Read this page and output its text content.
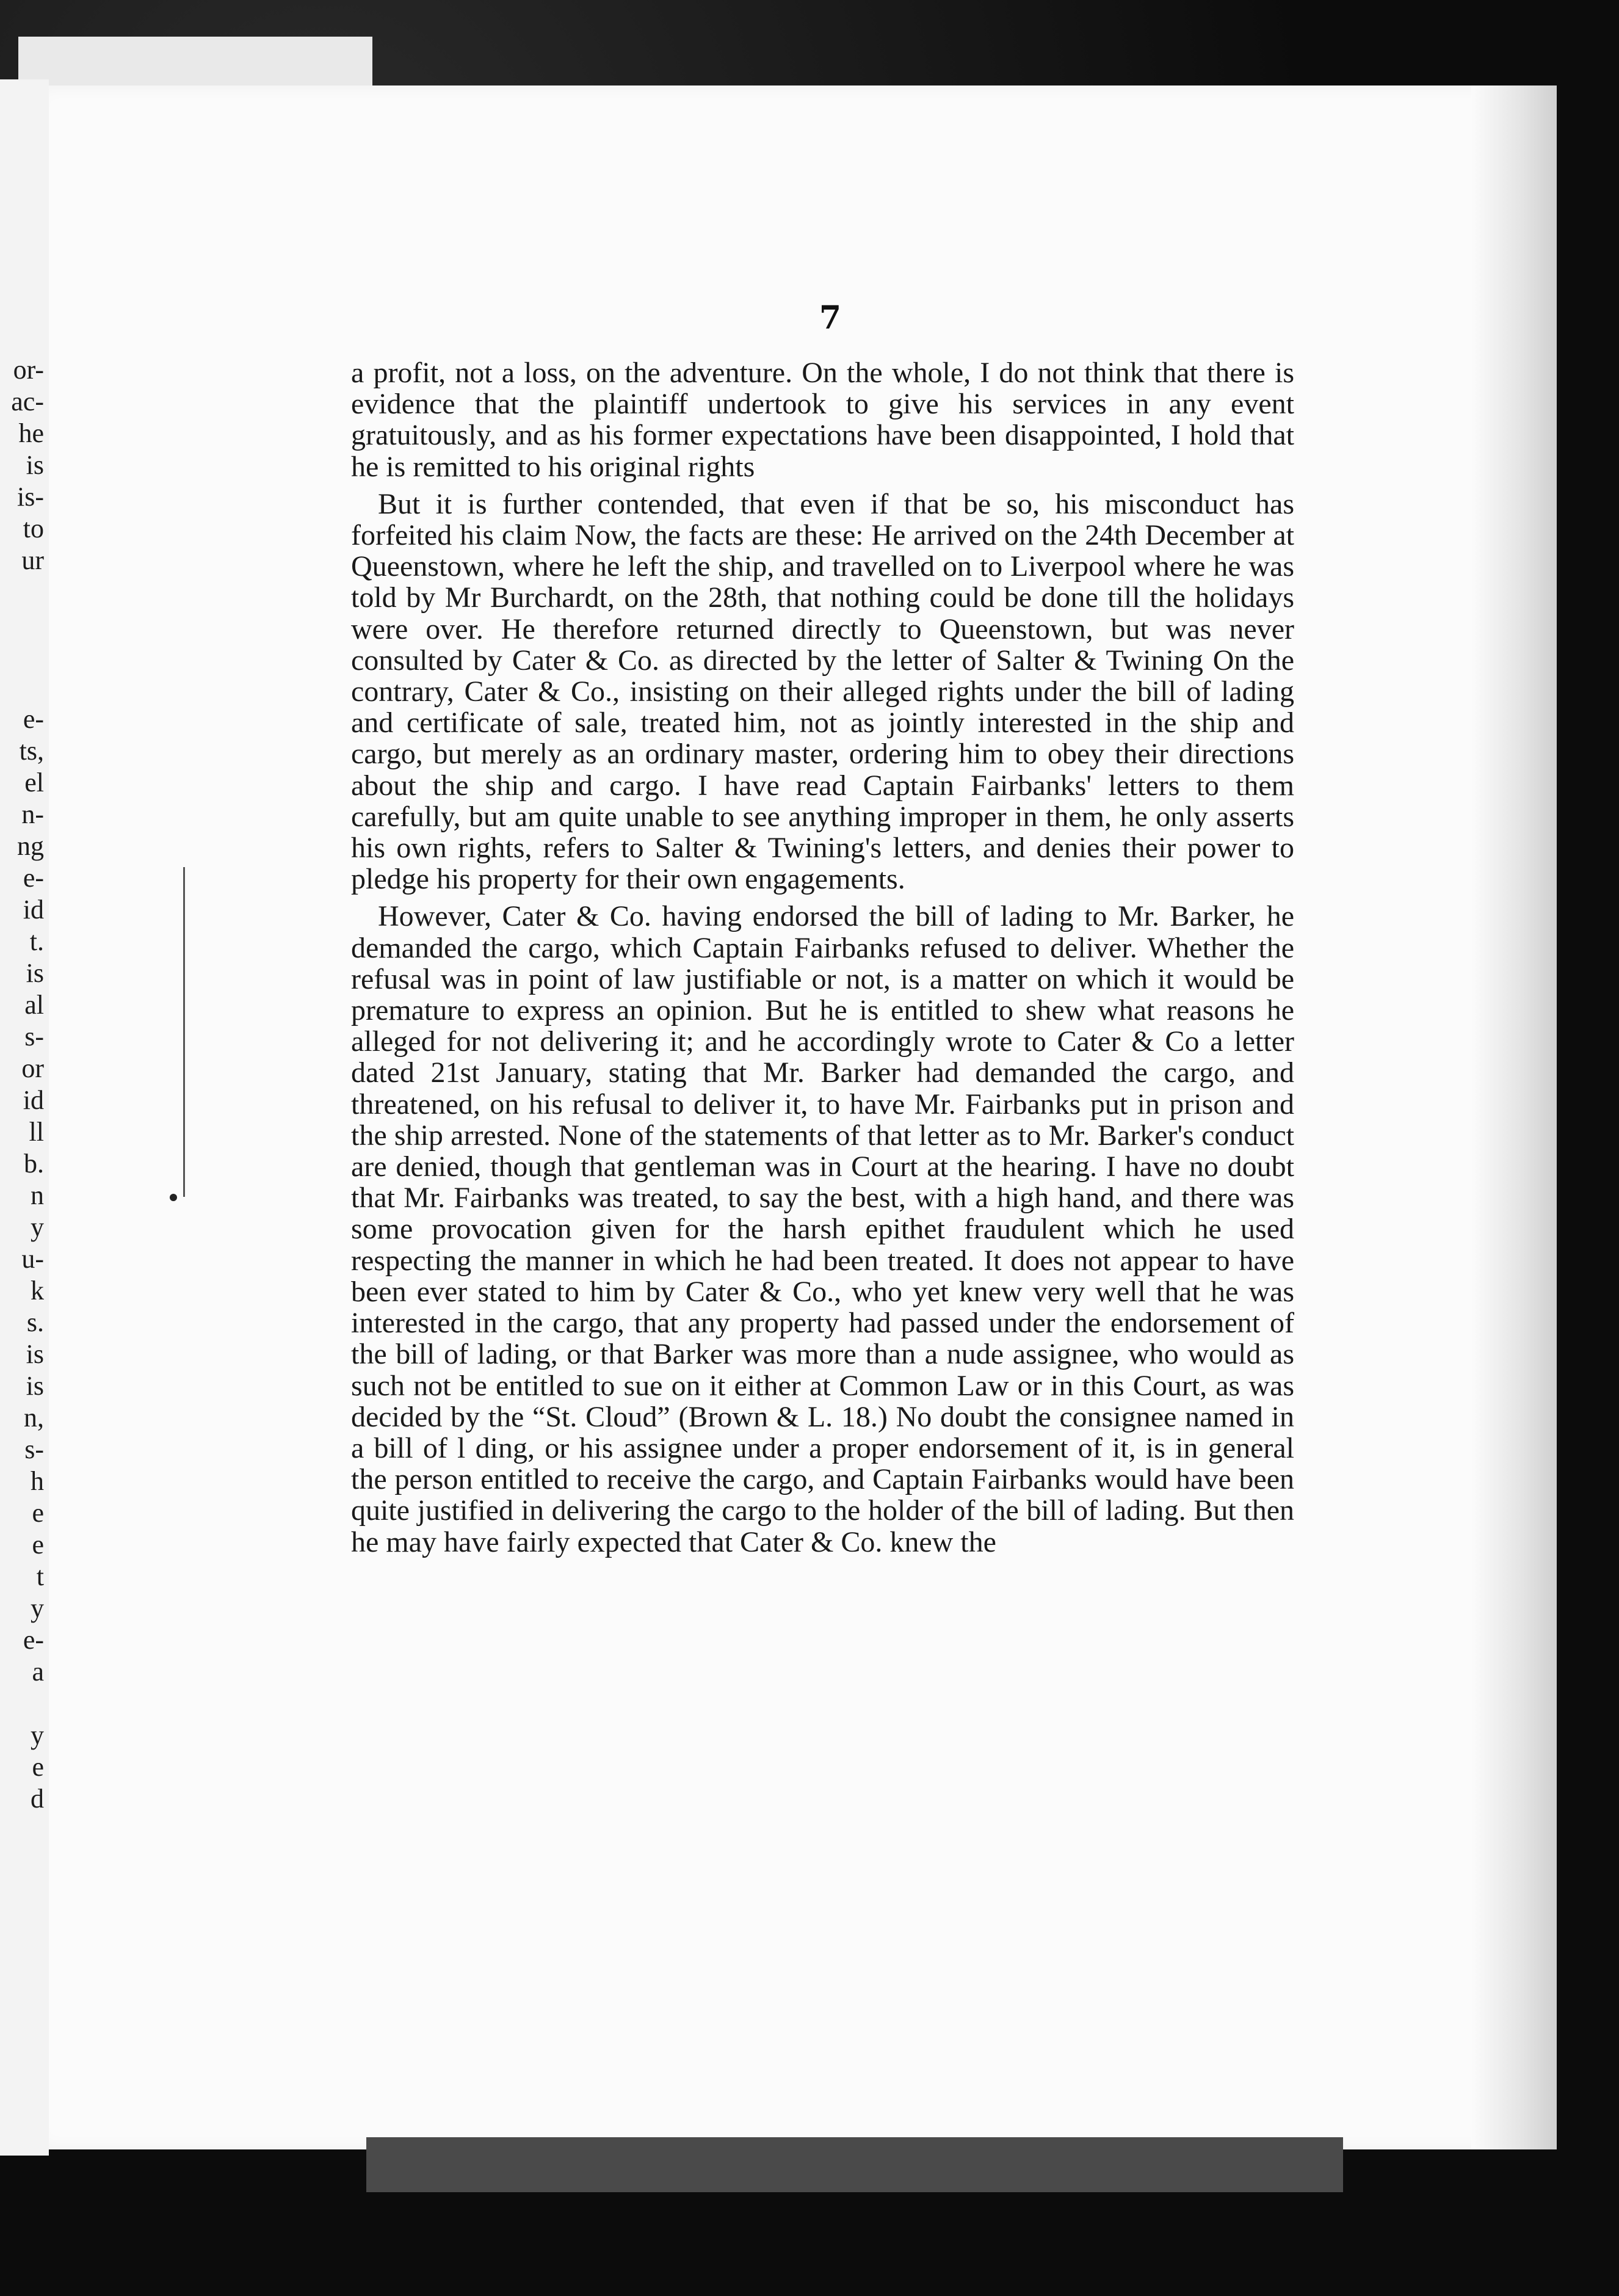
or-
ac-
he
is
is-
to
ur
e-
ts,
el
n-
ng
e-
id
t.
is
al
s-
or
id
ll
b.
n
y
u-
k
s.
is
is
n,
s-
h
e
e
t
y
e-
a
y
e
d
7

a profit, not a loss, on the adventure. On the whole, I do not think that there is evidence that the plaintiff undertook to give his services in any event gratuitously, and as his former expectations have been disappointed, I hold that he is remitted to his original rights

But it is further contended, that even if that be so, his misconduct has forfeited his claim Now, the facts are these: He arrived on the 24th December at Queenstown, where he left the ship, and travelled on to Liverpool where he was told by Mr Burchardt, on the 28th, that nothing could be done till the holidays were over. He therefore returned directly to Queenstown, but was never consulted by Cater & Co. as directed by the letter of Salter & Twining On the contrary, Cater & Co., insisting on their alleged rights under the bill of lading and certificate of sale, treated him, not as jointly interested in the ship and cargo, but merely as an ordinary master, ordering him to obey their directions about the ship and cargo. I have read Captain Fairbanks' letters to them carefully, but am quite unable to see anything improper in them, he only asserts his own rights, refers to Salter & Twining's letters, and denies their power to pledge his property for their own engagements.

However, Cater & Co. having endorsed the bill of lading to Mr. Barker, he demanded the cargo, which Captain Fairbanks refused to deliver. Whether the refusal was in point of law justifiable or not, is a matter on which it would be premature to express an opinion. But he is entitled to shew what reasons he alleged for not delivering it; and he accordingly wrote to Cater & Co a letter dated 21st January, stating that Mr. Barker had demanded the cargo, and threatened, on his refusal to deliver it, to have Mr. Fairbanks put in prison and the ship arrested. None of the statements of that letter as to Mr. Barker's conduct are denied, though that gentleman was in Court at the hearing. I have no doubt that Mr. Fairbanks was treated, to say the best, with a high hand, and there was some provocation given for the harsh epithet fraudulent which he used respecting the manner in which he had been treated. It does not appear to have been ever stated to him by Cater & Co., who yet knew very well that he was interested in the cargo, that any property had passed under the endorsement of the bill of lading, or that Barker was more than a nude assignee, who would as such not be entitled to sue on it either at Common Law or in this Court, as was decided by the “St. Cloud” (Brown & L. 18.) No doubt the consignee named in a bill of l ding, or his assignee under a proper endorsement of it, is in general the person entitled to receive the cargo, and Captain Fairbanks would have been quite justified in delivering the cargo to the holder of the bill of lading. But then he may have fairly expected that Cater & Co. knew the
